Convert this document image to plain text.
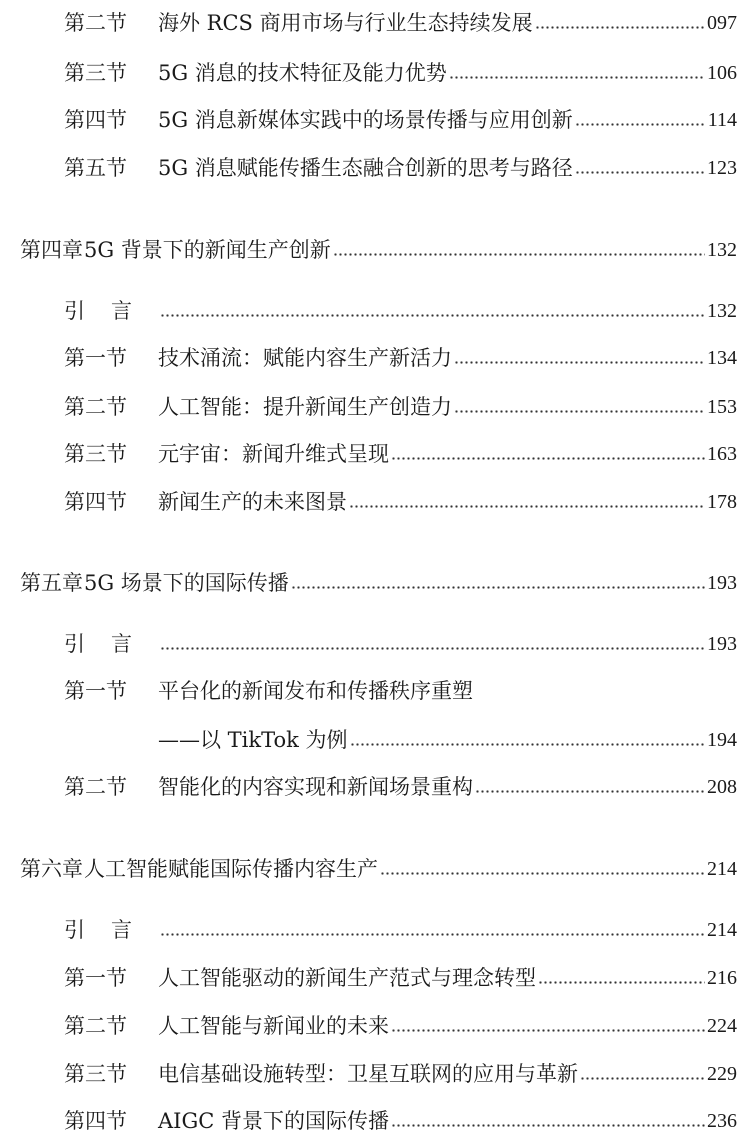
第二节	海外 RCS 商用市场与行业生态持续发展	097
第三节	5G 消息的技术特征及能力优势	106
第四节	5G 消息新媒体实践中的场景传播与应用创新	114
第五节	5G 消息赋能传播生态融合创新的思考与路径	123
第四章 5G 背景下的新闻生产创新	132
引言	132
第一节	技术涌流：赋能内容生产新活力	134
第二节	人工智能：提升新闻生产创造力	153
第三节	元宇宙：新闻升维式呈现	163
第四节	新闻生产的未来图景	178
第五章 5G 场景下的国际传播	193
引言	193
第一节	平台化的新闻发布和传播秩序重塑
——以 TikTok 为例	194
第二节	智能化的内容实现和新闻场景重构	208
第六章 人工智能赋能国际传播内容生产	214
引言	214
第一节	人工智能驱动的新闻生产范式与理念转型	216
第二节	人工智能与新闻业的未来	224
第三节	电信基础设施转型：卫星互联网的应用与革新	229
第四节	AIGC 背景下的国际传播	236
